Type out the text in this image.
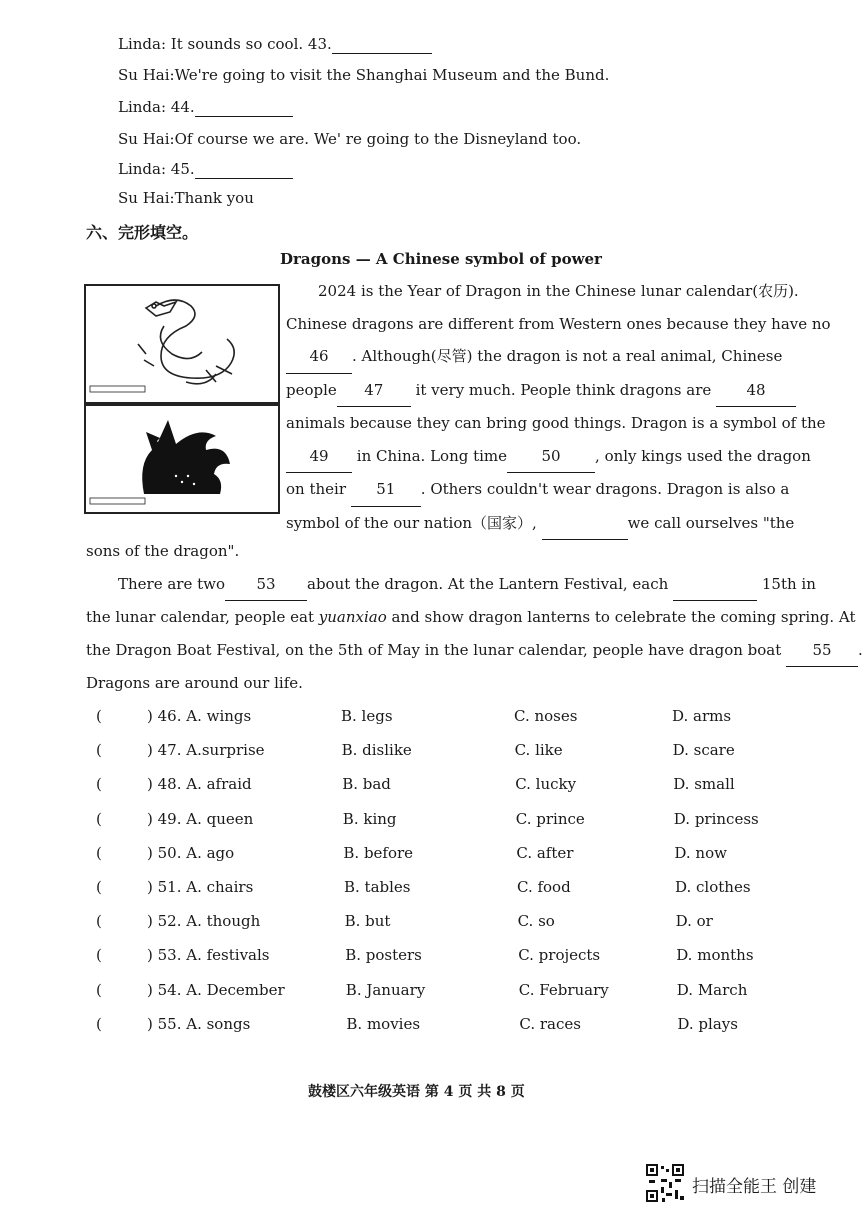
Linda: It sounds so cool. 43.
Su Hai:We're going to visit the Shanghai Museum and the Bund.
Linda: 44.
Su Hai:Of course we are. We' re going to the Disneyland too.
Linda: 45.
Su Hai:Thank you
六、完形填空。
Dragons — A Chinese symbol of power
2024 is the Year of Dragon in the Chinese lunar calendar(农历).
Chinese dragons are different from Western ones because they have no
46 . Although(尽管) the dragon is not a real animal, Chinese
people 47 it very much. People think dragons are 48
animals because they can bring good things. Dragon is a symbol of the
49 in China. Long time 50 , only kings used the dragon
on their 51 . Others couldn't wear dragons. Dragon is also a
symbol of the our nation（国家）,	we call ourselves "the
sons of the dragon".
There are two 53 about the dragon. At the Lantern Festival, each	15th in
the lunar calendar, people eat yuanxiao and show dragon lanterns to celebrate the coming spring. At
the Dragon Boat Festival, on the 5th of May in the lunar calendar, people have dragon boat 55 .
Dragons are around our life.
(	) 46. A. wings	B. legs	C. noses	D. arms
(	) 47. A.surprise	B. dislike	C. like	D. scare
(	) 48. A. afraid	B. bad	C. lucky	D. small
(	) 49. A. queen	B. king	C. prince	D. princess
(	) 50. A. ago	B. before	C. after	D. now
(	) 51. A. chairs	B. tables	C. food	D. clothes
(	) 52. A. though	B. but	C. so	D. or
(	) 53. A. festivals	B. posters	C. projects	D. months
(	) 54. A. December	B. January	C. February	D. March
(	) 55. A. songs	B. movies	C. races	D. plays
鼓楼区六年级英语 第 4 页 共 8 页
扫描全能王 创建
